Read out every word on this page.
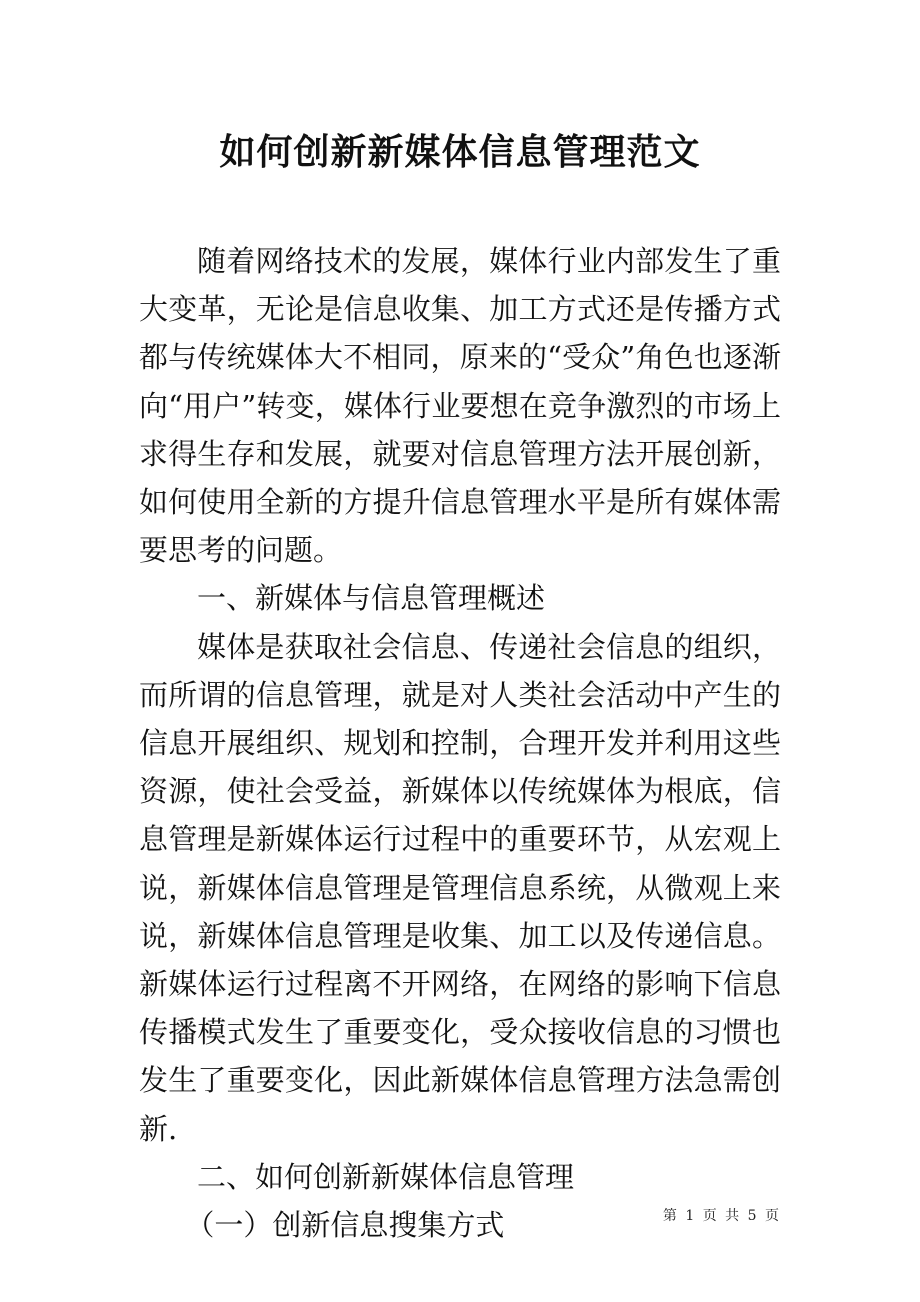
如何创新新媒体信息管理范文

随着网络技术的发展，媒体行业内部发生了重大变革，无论是信息收集、加工方式还是传播方式都与传统媒体大不相同，原来的“受众”角色也逐渐向“用户”转变，媒体行业要想在竞争激烈的市场上求得生存和发展，就要对信息管理方法开展创新，如何使用全新的方提升信息管理水平是所有媒体需要思考的问题。

一、新媒体与信息管理概述

媒体是获取社会信息、传递社会信息的组织，而所谓的信息管理，就是对人类社会活动中产生的信息开展组织、规划和控制，合理开发并利用这些资源，使社会受益，新媒体以传统媒体为根底，信息管理是新媒体运行过程中的重要环节，从宏观上说，新媒体信息管理是管理信息系统，从微观上来说，新媒体信息管理是收集、加工以及传递信息。新媒体运行过程离不开网络，在网络的影响下信息传播模式发生了重要变化，受众接收信息的习惯也发生了重要变化，因此新媒体信息管理方法急需创新.

二、如何创新新媒体信息管理

（一）创新信息搜集方式	第 1 页 共 5 页
